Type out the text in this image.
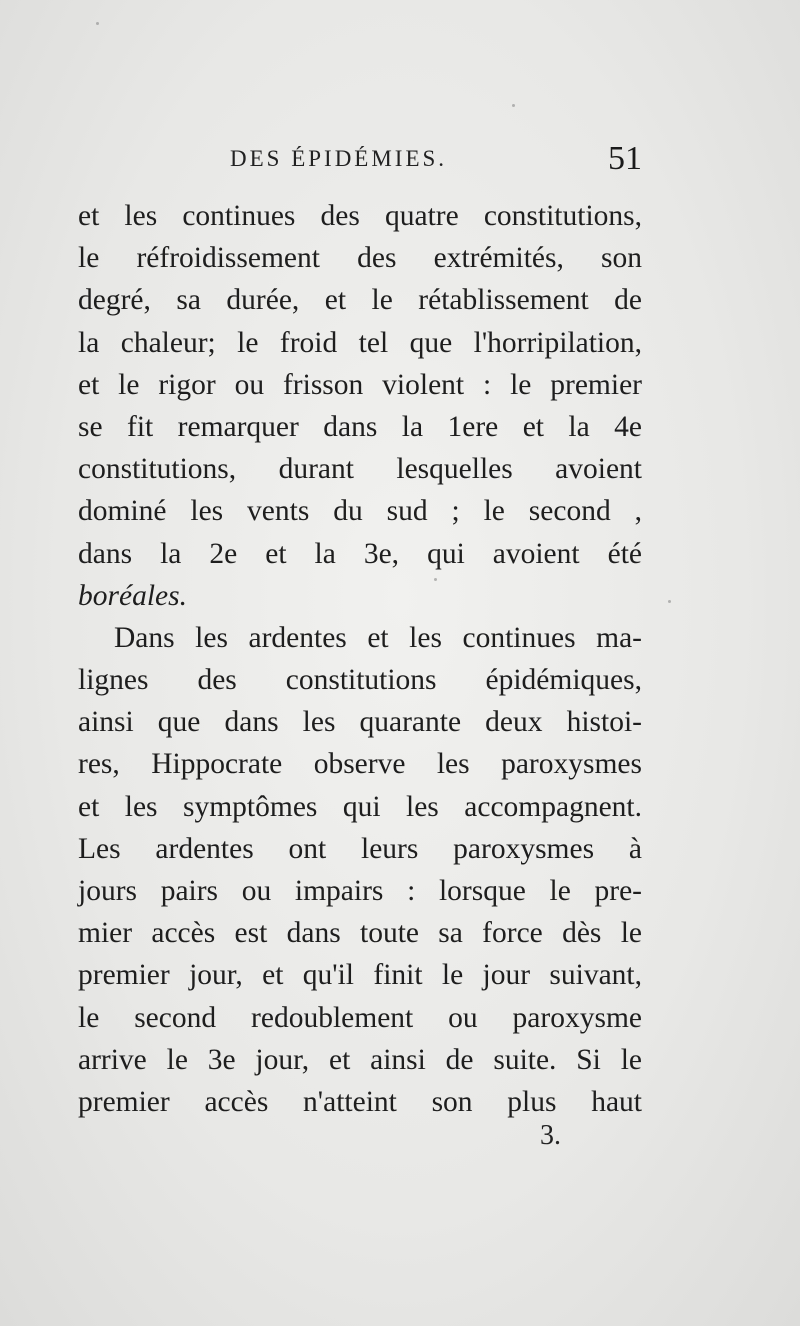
DES ÉPIDÉMIES.	51
et les continues des quatre constitutions,
le réfroidissement des extrémités, son
degré, sa durée, et le rétablissement de
la chaleur; le froid tel que l'horripilation,
et le rigor ou frisson violent : le premier
se fit remarquer dans la 1ere et la 4e
constitutions, durant lesquelles avoient
dominé les vents du sud ; le second ,
dans la 2e et la 3e, qui avoient été
boréales.
Dans les ardentes et les continues ma-
lignes des constitutions épidémiques,
ainsi que dans les quarante deux histoi-
res, Hippocrate observe les paroxysmes
et les symptômes qui les accompagnent.
Les ardentes ont leurs paroxysmes à
jours pairs ou impairs : lorsque le pre-
mier accès est dans toute sa force dès le
premier jour, et qu'il finit le jour suivant,
le second redoublement ou paroxysme
arrive le 3e jour, et ainsi de suite. Si le
premier accès n'atteint son plus haut
3.
